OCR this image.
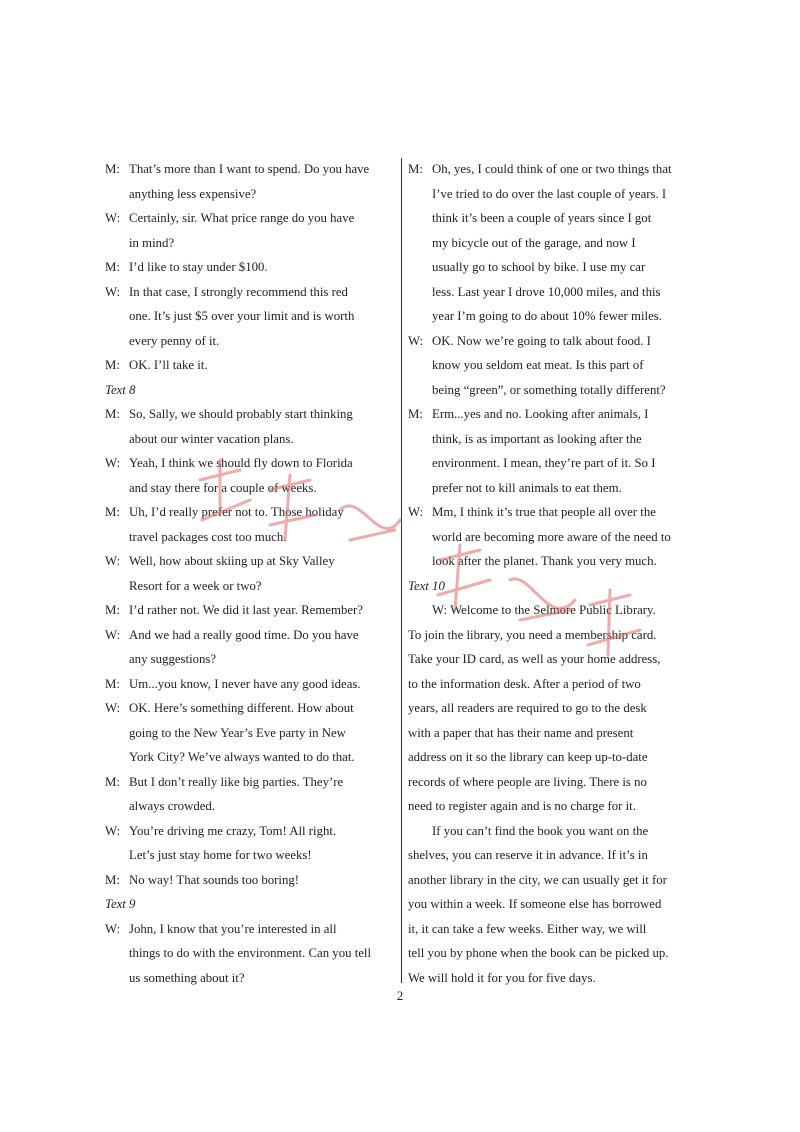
M: That’s more than I want to spend. Do you have
anything less expensive?
W: Certainly, sir. What price range do you have
in mind?
M: I’d like to stay under $100.
W: In that case, I strongly recommend this red
one. It’s just $5 over your limit and is worth
every penny of it.
M: OK. I’ll take it.
Text 8
M: So, Sally, we should probably start thinking
about our winter vacation plans.
W: Yeah, I think we should fly down to Florida
and stay there for a couple of weeks.
M: Uh, I’d really prefer not to. Those holiday
travel packages cost too much.
W: Well, how about skiing up at Sky Valley
Resort for a week or two?
M: I’d rather not. We did it last year. Remember?
W: And we had a really good time. Do you have
any suggestions?
M: Um...you know, I never have any good ideas.
W: OK. Here’s something different. How about
going to the New Year’s Eve party in New
York City? We’ve always wanted to do that.
M: But I don’t really like big parties. They’re
always crowded.
W: You’re driving me crazy, Tom! All right.
Let’s just stay home for two weeks!
M: No way! That sounds too boring!
Text 9
W: John, I know that you’re interested in all
things to do with the environment. Can you tell
us something about it?
M: Oh, yes, I could think of one or two things that
I’ve tried to do over the last couple of years. I
think it’s been a couple of years since I got
my bicycle out of the garage, and now I
usually go to school by bike. I use my car
less. Last year I drove 10,000 miles, and this
year I’m going to do about 10% fewer miles.
W: OK. Now we’re going to talk about food. I
know you seldom eat meat. Is this part of
being “green”, or something totally different?
M: Erm...yes and no. Looking after animals, I
think, is as important as looking after the
environment. I mean, they’re part of it. So I
prefer not to kill animals to eat them.
W: Mm, I think it’s true that people all over the
world are becoming more aware of the need to
look after the planet. Thank you very much.
Text 10
W: Welcome to the Selmore Public Library.
To join the library, you need a membership card.
Take your ID card, as well as your home address,
to the information desk. After a period of two
years, all readers are required to go to the desk
with a paper that has their name and present
address on it so the library can keep up-to-date
records of where people are living. There is no
need to register again and is no charge for it.
If you can’t find the book you want on the
shelves, you can reserve it in advance. If it’s in
another library in the city, we can usually get it for
you within a week. If someone else has borrowed
it, it can take a few weeks. Either way, we will
tell you by phone when the book can be picked up.
We will hold it for you for five days.
2
